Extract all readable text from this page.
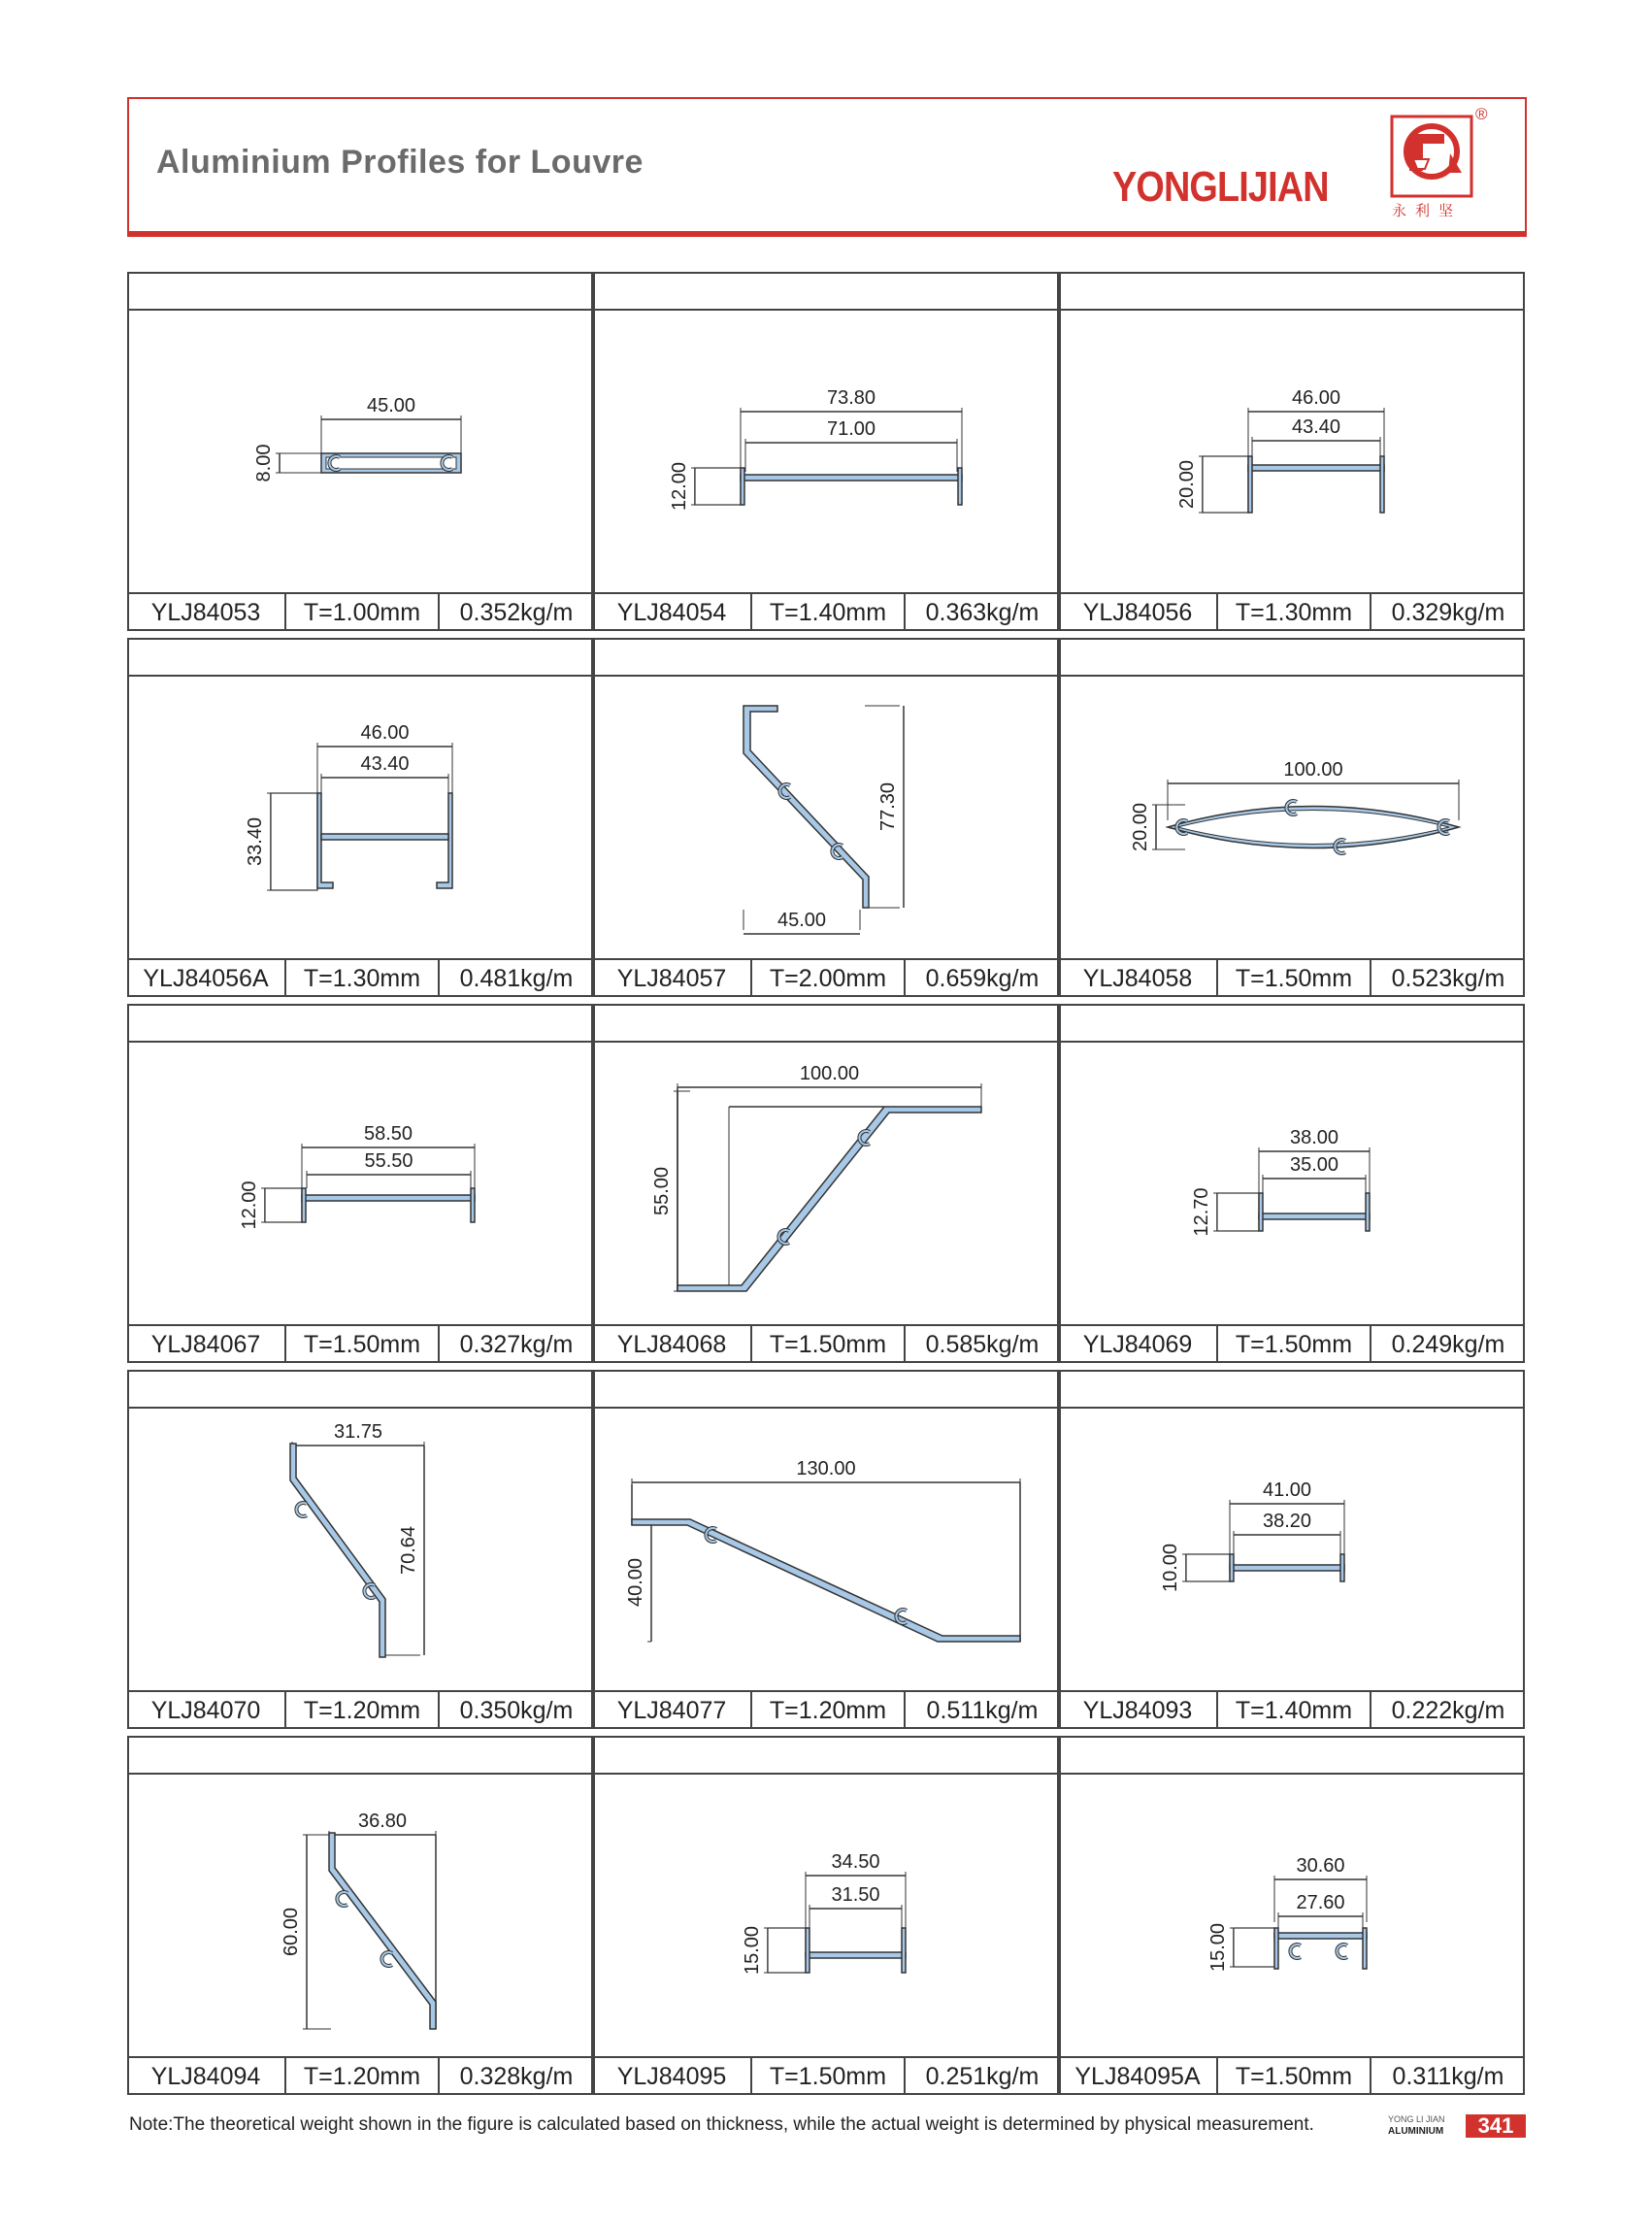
Aluminium Profiles for Louvre
YONGLIJIAN
永利坚
®
45.00
8.00
YLJ84053	T=1.00mm	0.352kg/m
73.80
71.00
12.00
YLJ84054	T=1.40mm	0.363kg/m
46.00
43.40
20.00
YLJ84056	T=1.30mm	0.329kg/m
46.00
43.40
33.40
YLJ84056A	T=1.30mm	0.481kg/m
45.00
77.30
YLJ84057	T=2.00mm	0.659kg/m
100.00
20.00
YLJ84058	T=1.50mm	0.523kg/m
58.50
55.50
12.00
YLJ84067	T=1.50mm	0.327kg/m
100.00
55.00
YLJ84068	T=1.50mm	0.585kg/m
38.00
35.00
12.70
YLJ84069	T=1.50mm	0.249kg/m
31.75
70.64
YLJ84070	T=1.20mm	0.350kg/m
130.00
40.00
YLJ84077	T=1.20mm	0.511kg/m
41.00
38.20
10.00
YLJ84093	T=1.40mm	0.222kg/m
36.80
60.00
YLJ84094	T=1.20mm	0.328kg/m
34.50
31.50
15.00
YLJ84095	T=1.50mm	0.251kg/m
30.60
27.60
15.00
YLJ84095A	T=1.50mm	0.311kg/m
Note:The theoretical weight shown in the figure is calculated based on thickness, while the actual weight is determined by physical measurement.	YONG LI JIAN
ALUMINIUM	341
